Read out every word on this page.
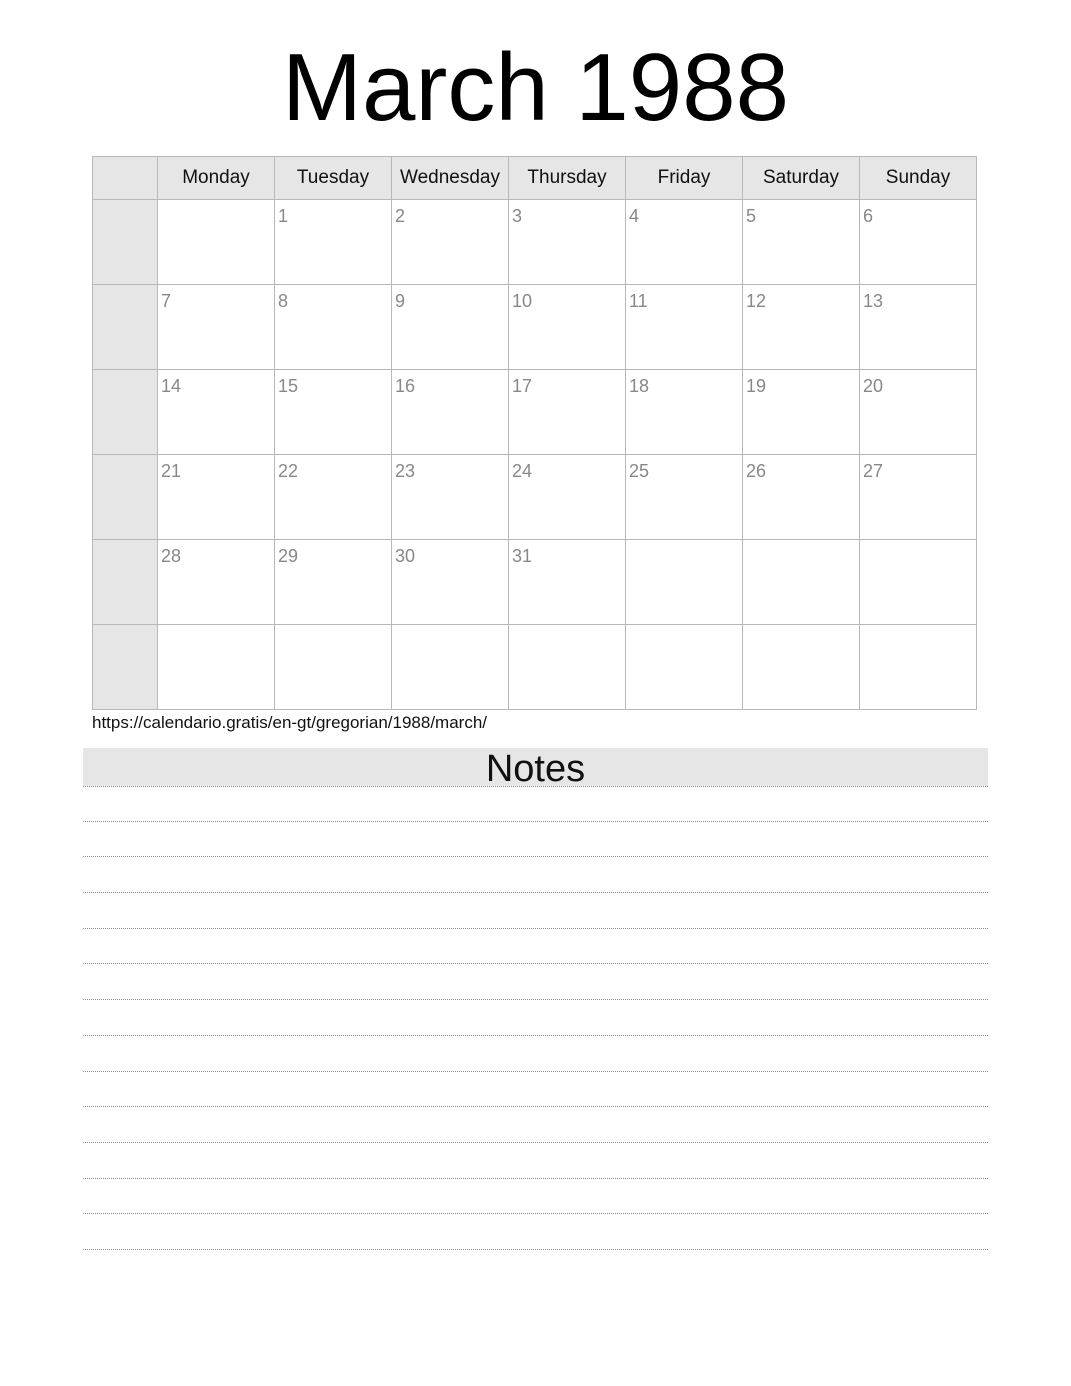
March 1988
	Monday	Tuesday	Wednesday	Thursday	Friday	Saturday	Sunday
		1	2	3	4	5	6
	7	8	9	10	11	12	13
	14	15	16	17	18	19	20
	21	22	23	24	25	26	27
	28	29	30	31			

https://calendario.gratis/en-gt/gregorian/1988/march/
Notes
